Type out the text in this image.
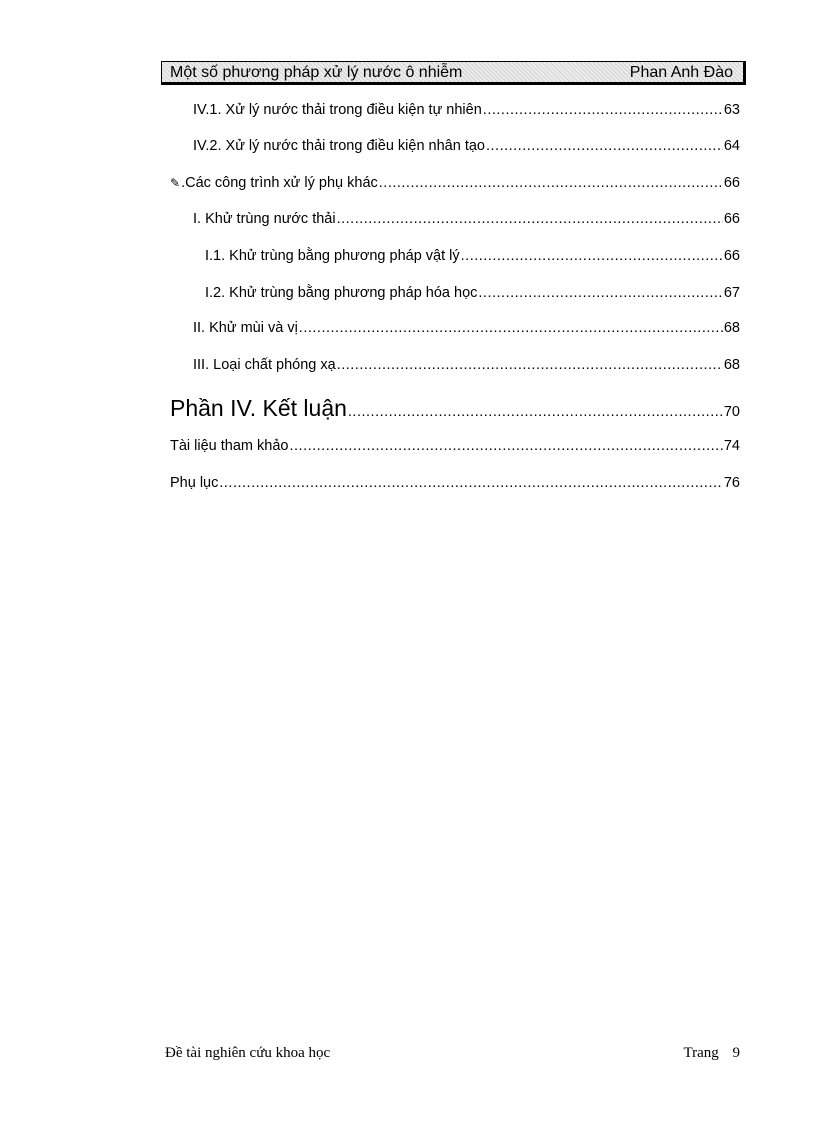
Một số phương pháp xử lý nước ô nhiễm	Phan Anh Đào
IV.1. Xử lý nước thải trong điều kiện tự nhiên .....	63
IV.2. Xử lý nước thải trong điều kiện nhân tạo .....	64
✎ .Các công trình xử lý phụ khác .....	66
I. Khử trùng nước thải .....	66
I.1. Khử trùng bằng phương pháp vật lý .....	66
I.2. Khử trùng bằng phương pháp hóa học .....	67
II. Khử mùi và vị .....	68
III. Loại chất phóng xạ .....	68
Phần IV. Kết luận .....	70
Tài liệu tham khảo .....	74
Phụ lục .....	76
Đề tài nghiên cứu khoa học	Trang 9
